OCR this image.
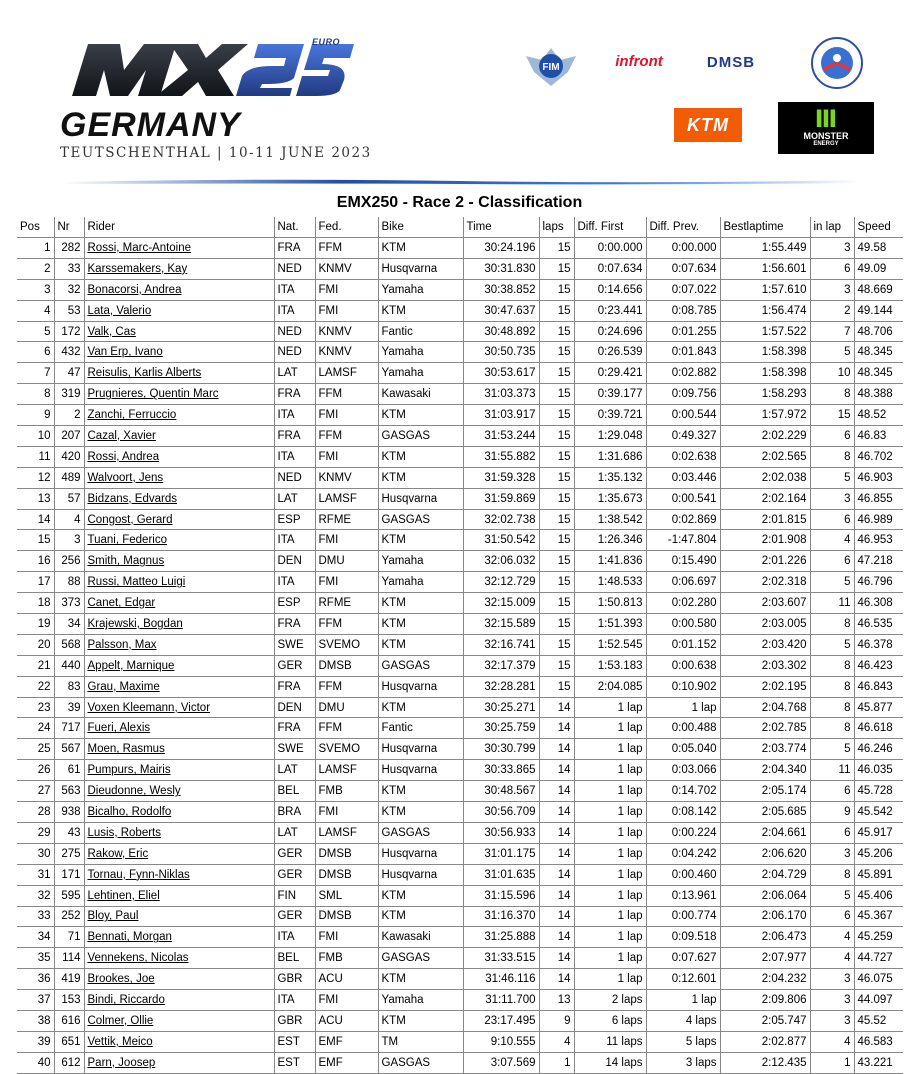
EURO
GERMANY
TEUTSCHENTHAL | 10-11 JUNE 2023
FIM	infront	DMSB
KTM	Ⅲ
MONSTER
ENERGY
EMX250 - Race 2 - Classification
Pos	Nr	Rider	Nat.	Fed.	Bike	Time	laps	Diff. First	Diff. Prev.	Bestlaptime	in lap	Speed
1	282	Rossi, Marc-Antoine	FRA	FFM	KTM	30:24.196	15	0:00.000	0:00.000	1:55.449	3	49.58
2	33	Karssemakers, Kay	NED	KNMV	Husqvarna	30:31.830	15	0:07.634	0:07.634	1:56.601	6	49.09
3	32	Bonacorsi, Andrea	ITA	FMI	Yamaha	30:38.852	15	0:14.656	0:07.022	1:57.610	3	48.669
4	53	Lata, Valerio	ITA	FMI	KTM	30:47.637	15	0:23.441	0:08.785	1:56.474	2	49.144
5	172	Valk, Cas	NED	KNMV	Fantic	30:48.892	15	0:24.696	0:01.255	1:57.522	7	48.706
6	432	Van Erp, Ivano	NED	KNMV	Yamaha	30:50.735	15	0:26.539	0:01.843	1:58.398	5	48.345
7	47	Reisulis, Karlis Alberts	LAT	LAMSF	Yamaha	30:53.617	15	0:29.421	0:02.882	1:58.398	10	48.345
8	319	Prugnieres, Quentin Marc	FRA	FFM	Kawasaki	31:03.373	15	0:39.177	0:09.756	1:58.293	8	48.388
9	2	Zanchi, Ferruccio	ITA	FMI	KTM	31:03.917	15	0:39.721	0:00.544	1:57.972	15	48.52
10	207	Cazal, Xavier	FRA	FFM	GASGAS	31:53.244	15	1:29.048	0:49.327	2:02.229	6	46.83
11	420	Rossi, Andrea	ITA	FMI	KTM	31:55.882	15	1:31.686	0:02.638	2:02.565	8	46.702
12	489	Walvoort, Jens	NED	KNMV	KTM	31:59.328	15	1:35.132	0:03.446	2:02.038	5	46.903
13	57	Bidzans, Edvards	LAT	LAMSF	Husqvarna	31:59.869	15	1:35.673	0:00.541	2:02.164	3	46.855
14	4	Congost, Gerard	ESP	RFME	GASGAS	32:02.738	15	1:38.542	0:02.869	2:01.815	6	46.989
15	3	Tuani, Federico	ITA	FMI	KTM	31:50.542	15	1:26.346	-1:47.804	2:01.908	4	46.953
16	256	Smith, Magnus	DEN	DMU	Yamaha	32:06.032	15	1:41.836	0:15.490	2:01.226	6	47.218
17	88	Russi, Matteo Luigi	ITA	FMI	Yamaha	32:12.729	15	1:48.533	0:06.697	2:02.318	5	46.796
18	373	Canet, Edgar	ESP	RFME	KTM	32:15.009	15	1:50.813	0:02.280	2:03.607	11	46.308
19	34	Krajewski, Bogdan	FRA	FFM	KTM	32:15.589	15	1:51.393	0:00.580	2:03.005	8	46.535
20	568	Palsson, Max	SWE	SVEMO	KTM	32:16.741	15	1:52.545	0:01.152	2:03.420	5	46.378
21	440	Appelt, Marnique	GER	DMSB	GASGAS	32:17.379	15	1:53.183	0:00.638	2:03.302	8	46.423
22	83	Grau, Maxime	FRA	FFM	Husqvarna	32:28.281	15	2:04.085	0:10.902	2:02.195	8	46.843
23	39	Voxen Kleemann, Victor	DEN	DMU	KTM	30:25.271	14	1 lap	1 lap	2:04.768	8	45.877
24	717	Fueri, Alexis	FRA	FFM	Fantic	30:25.759	14	1 lap	0:00.488	2:02.785	8	46.618
25	567	Moen, Rasmus	SWE	SVEMO	Husqvarna	30:30.799	14	1 lap	0:05.040	2:03.774	5	46.246
26	61	Pumpurs, Mairis	LAT	LAMSF	Husqvarna	30:33.865	14	1 lap	0:03.066	2:04.340	11	46.035
27	563	Dieudonne, Wesly	BEL	FMB	KTM	30:48.567	14	1 lap	0:14.702	2:05.174	6	45.728
28	938	Bicalho, Rodolfo	BRA	FMI	KTM	30:56.709	14	1 lap	0:08.142	2:05.685	9	45.542
29	43	Lusis, Roberts	LAT	LAMSF	GASGAS	30:56.933	14	1 lap	0:00.224	2:04.661	6	45.917
30	275	Rakow, Eric	GER	DMSB	Husqvarna	31:01.175	14	1 lap	0:04.242	2:06.620	3	45.206
31	171	Tornau, Fynn-Niklas	GER	DMSB	Husqvarna	31:01.635	14	1 lap	0:00.460	2:04.729	8	45.891
32	595	Lehtinen, Eliel	FIN	SML	KTM	31:15.596	14	1 lap	0:13.961	2:06.064	5	45.406
33	252	Bloy, Paul	GER	DMSB	KTM	31:16.370	14	1 lap	0:00.774	2:06.170	6	45.367
34	71	Bennati, Morgan	ITA	FMI	Kawasaki	31:25.888	14	1 lap	0:09.518	2:06.473	4	45.259
35	114	Vennekens, Nicolas	BEL	FMB	GASGAS	31:33.515	14	1 lap	0:07.627	2:07.977	4	44.727
36	419	Brookes, Joe	GBR	ACU	KTM	31:46.116	14	1 lap	0:12.601	2:04.232	3	46.075
37	153	Bindi, Riccardo	ITA	FMI	Yamaha	31:11.700	13	2 laps	1 lap	2:09.806	3	44.097
38	616	Colmer, Ollie	GBR	ACU	KTM	23:17.495	9	6 laps	4 laps	2:05.747	3	45.52
39	651	Vettik, Meico	EST	EMF	TM	9:10.555	4	11 laps	5 laps	2:02.877	4	46.583
40	612	Parn, Joosep	EST	EMF	GASGAS	3:07.569	1	14 laps	3 laps	2:12.435	1	43.221
